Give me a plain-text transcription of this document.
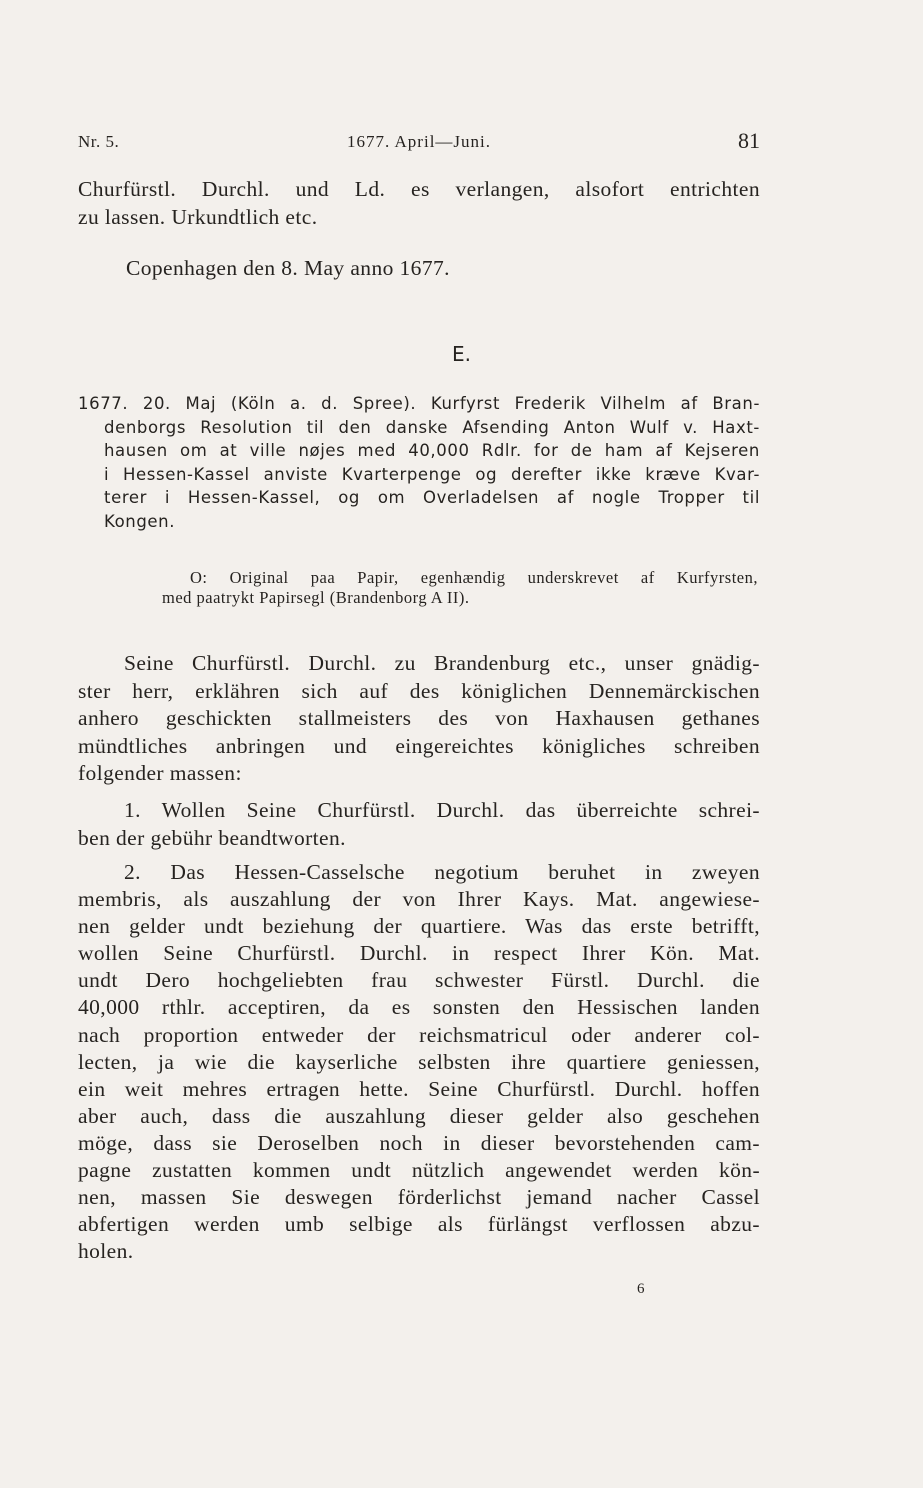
Nr. 5.	1677. April—Juni.	81
Churfürstl. Durchl. und Ld. es verlangen, alsofort entrichten
zu lassen. Urkundtlich etc.
Copenhagen den 8. May anno 1677.
E.
1677. 20. Maj (Köln a. d. Spree). Kurfyrst Frederik Vilhelm af Bran-
denborgs Resolution til den danske Afsending Anton Wulf v. Haxt-
hausen om at ville nøjes med 40,000 Rdlr. for de ham af Kejseren
i Hessen-Kassel anviste Kvarterpenge og derefter ikke kræve Kvar-
terer i Hessen-Kassel, og om Overladelsen af nogle Tropper til
Kongen.
O: Original paa Papir, egenhændig underskrevet af Kurfyrsten,
med paatrykt Papirsegl (Brandenborg A II).
Seine Churfürstl. Durchl. zu Brandenburg etc., unser gnädig-
ster herr, erklähren sich auf des königlichen Dennemärckischen
anhero geschickten stallmeisters des von Haxhausen gethanes
mündtliches anbringen und eingereichtes königliches schreiben
folgender massen:
1. Wollen Seine Churfürstl. Durchl. das überreichte schrei-
ben der gebühr beandtworten.
2. Das Hessen-Casselsche negotium beruhet in zweyen
membris, als auszahlung der von Ihrer Kays. Mat. angewiese-
nen gelder undt beziehung der quartiere. Was das erste betrifft,
wollen Seine Churfürstl. Durchl. in respect Ihrer Kön. Mat.
undt Dero hochgeliebten frau schwester Fürstl. Durchl. die
40,000 rthlr. acceptiren, da es sonsten den Hessischen landen
nach proportion entweder der reichsmatricul oder anderer col-
lecten, ja wie die kayserliche selbsten ihre quartiere geniessen,
ein weit mehres ertragen hette. Seine Churfürstl. Durchl. hoffen
aber auch, dass die auszahlung dieser gelder also geschehen
möge, dass sie Deroselben noch in dieser bevorstehenden cam-
pagne zustatten kommen undt nützlich angewendet werden kön-
nen, massen Sie deswegen förderlichst jemand nacher Cassel
abfertigen werden umb selbige als fürlängst verflossen abzu-
holen.
6
